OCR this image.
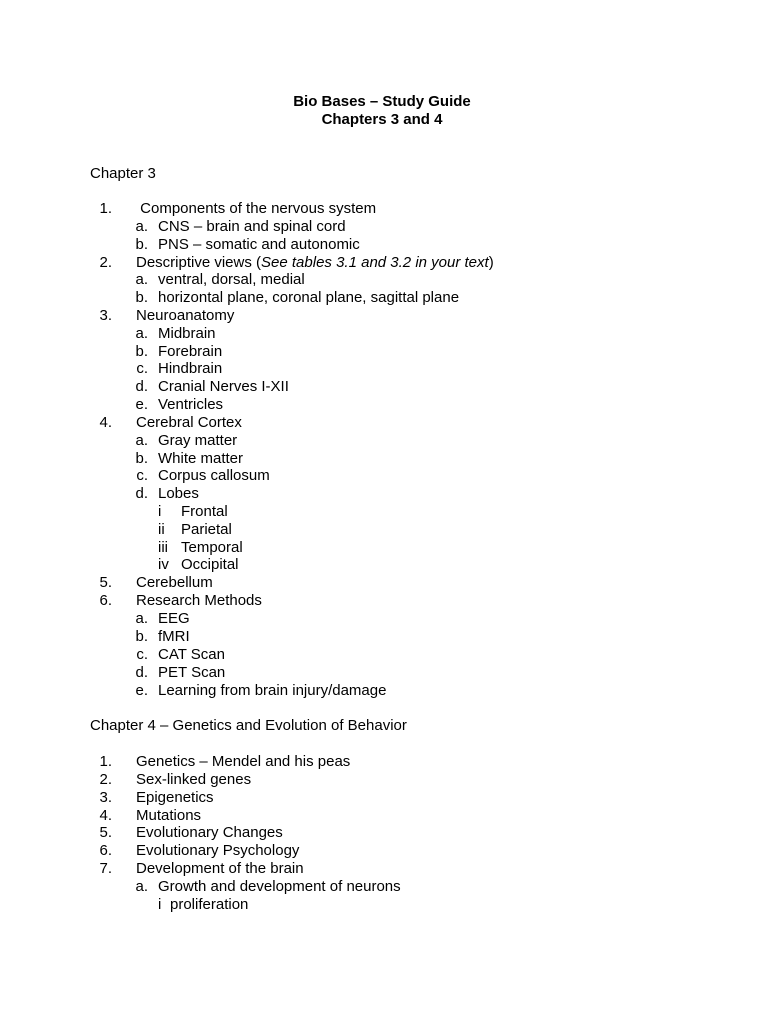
Bio Bases – Study Guide
Chapters 3 and 4
Chapter 3
1. Components of the nervous system
a. CNS – brain and spinal cord
b. PNS – somatic and autonomic
2. Descriptive views (See tables 3.1 and 3.2 in your text)
a. ventral, dorsal, medial
b. horizontal plane, coronal plane, sagittal plane
3. Neuroanatomy
a. Midbrain
b. Forebrain
c. Hindbrain
d. Cranial Nerves I-XII
e. Ventricles
4. Cerebral Cortex
a. Gray matter
b. White matter
c. Corpus callosum
d. Lobes
i	Frontal
ii	Parietal
iii Temporal
iv Occipital
5. Cerebellum
6. Research Methods
a. EEG
b. fMRI
c. CAT Scan
d. PET Scan
e. Learning from brain injury/damage
Chapter 4 – Genetics and Evolution of Behavior
1. Genetics – Mendel and his peas
2. Sex-linked genes
3. Epigenetics
4. Mutations
5. Evolutionary Changes
6. Evolutionary Psychology
7. Development of the brain
a. Growth and development of neurons
i proliferation
